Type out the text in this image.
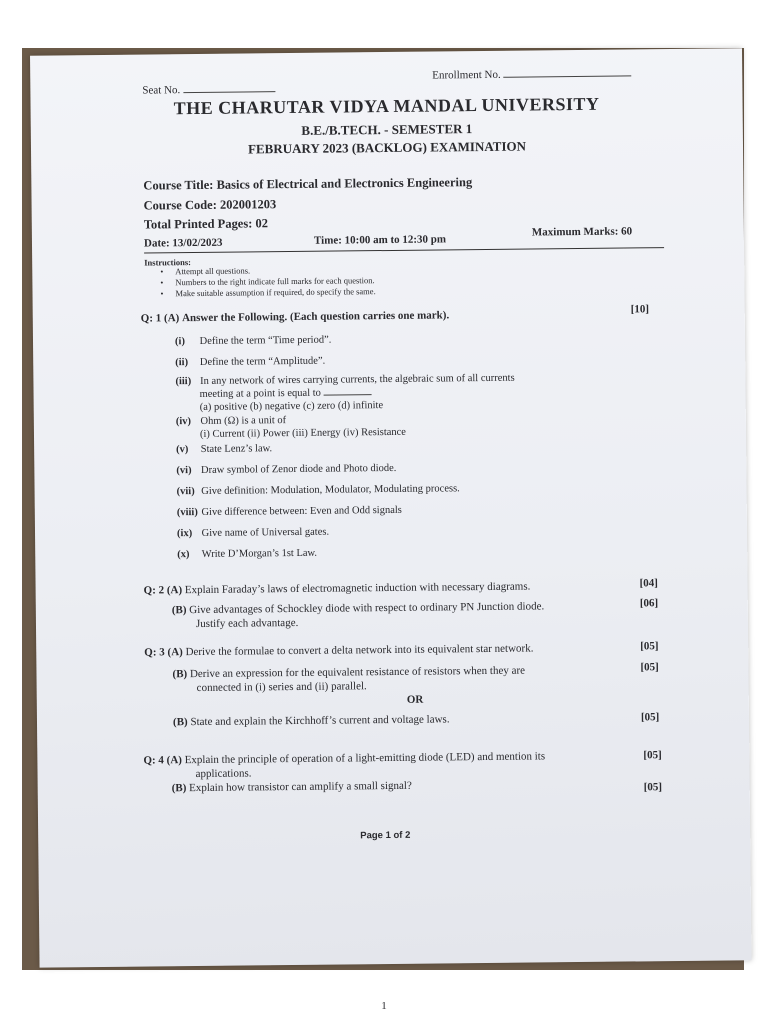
Seat No.
Enrollment No.
THE CHARUTAR VIDYA MANDAL UNIVERSITY
B.E./B.TECH. - SEMESTER 1
FEBRUARY 2023 (BACKLOG) EXAMINATION
Course Title: Basics of Electrical and Electronics Engineering
Course Code: 202001203
Total Printed Pages: 02
Date: 13/02/2023	Time: 10:00 am to 12:30 pm
Maximum Marks: 60
Instructions:
• Attempt all questions.
• Numbers to the right indicate full marks for each question.
• Make suitable assumption if required, do specify the same.
Q: 1 (A) Answer the Following. (Each question carries one mark).	[10]
(i) Define the term “Time period”.
(ii) Define the term “Amplitude”.
(iii) In any network of wires carrying currents, the algebraic sum of all currents
meeting at a point is equal to
(a) positive (b) negative (c) zero (d) infinite
(iv) Ohm (Ω) is a unit of
(i) Current (ii) Power (iii) Energy (iv) Resistance
(v) State Lenz’s law.
(vi) Draw symbol of Zenor diode and Photo diode.
(vii) Give definition: Modulation, Modulator, Modulating process.
(viii) Give difference between: Even and Odd signals
(ix) Give name of Universal gates.
(x) Write D’Morgan’s 1st Law.
Q: 2 (A) Explain Faraday’s laws of electromagnetic induction with necessary diagrams.	[04]
(B) Give advantages of Schockley diode with respect to ordinary PN Junction diode.
Justify each advantage.
[06]
Q: 3 (A) Derive the formulae to convert a delta network into its equivalent star network.	[05]
(B) Derive an expression for the equivalent resistance of resistors when they are
connected in (i) series and (ii) parallel.
[05]
OR
(B) State and explain the Kirchhoff’s current and voltage laws.	[05]
Q: 4 (A) Explain the principle of operation of a light-emitting diode (LED) and mention its
applications.
[05]
(B) Explain how transistor can amplify a small signal?	[05]
Page 1 of 2
1
